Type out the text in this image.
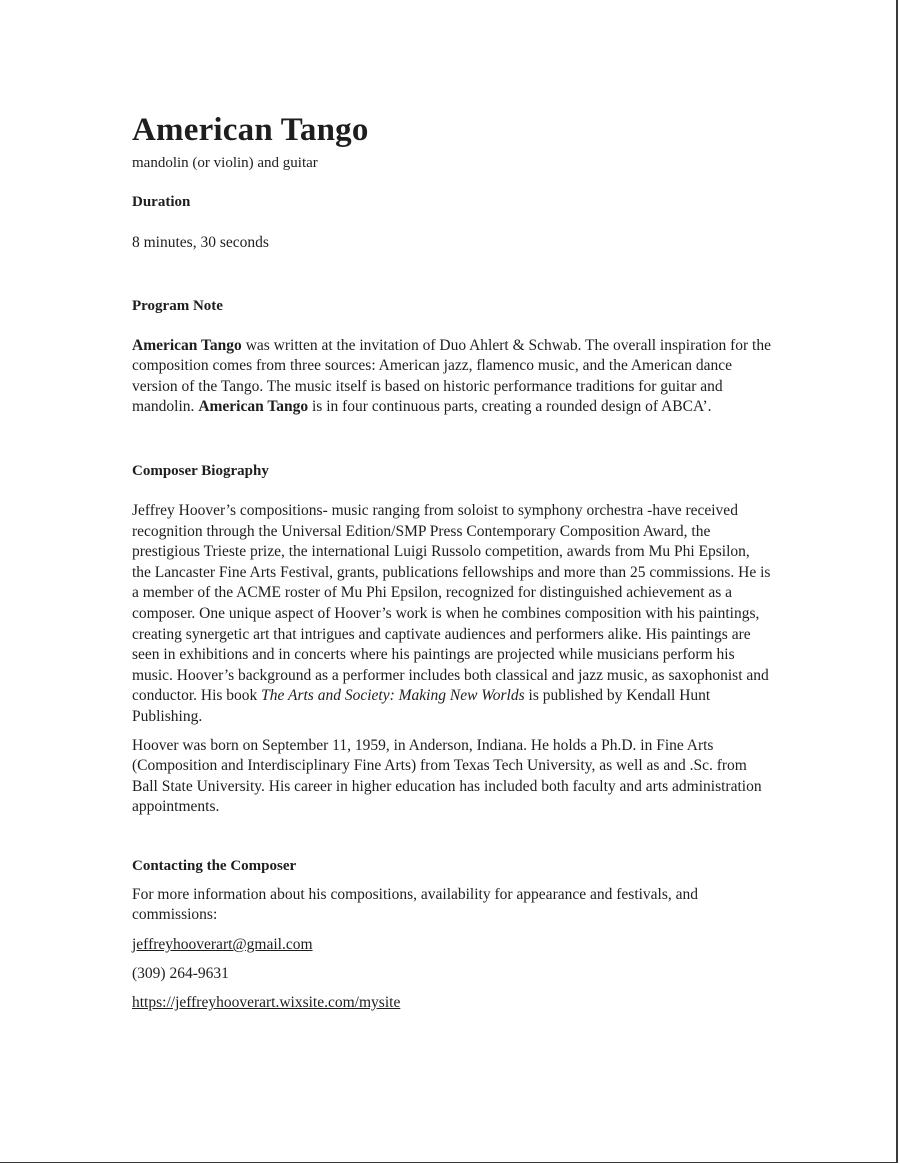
American Tango

mandolin (or violin) and guitar

Duration

8 minutes, 30 seconds

Program Note

American Tango was written at the invitation of Duo Ahlert & Schwab. The overall inspiration for the composition comes from three sources: American jazz, flamenco music, and the American dance version of the Tango. The music itself is based on historic performance traditions for guitar and mandolin. American Tango is in four continuous parts, creating a rounded design of ABCA’.

Composer Biography

Jeffrey Hoover’s compositions- music ranging from soloist to symphony orchestra -have received recognition through the Universal Edition/SMP Press Contemporary Composition Award, the prestigious Trieste prize, the international Luigi Russolo competition, awards from Mu Phi Epsilon, the Lancaster Fine Arts Festival, grants, publications fellowships and more than 25 commissions. He is a member of the ACME roster of Mu Phi Epsilon, recognized for distinguished achievement as a composer. One unique aspect of Hoover’s work is when he combines composition with his paintings, creating synergetic art that intrigues and captivate audiences and performers alike. His paintings are seen in exhibitions and in concerts where his paintings are projected while musicians perform his music. Hoover’s background as a performer includes both classical and jazz music, as saxophonist and conductor. His book The Arts and Society: Making New Worlds is published by Kendall Hunt Publishing.

Hoover was born on September 11, 1959, in Anderson, Indiana. He holds a Ph.D. in Fine Arts (Composition and Interdisciplinary Fine Arts) from Texas Tech University, as well as and .Sc. from Ball State University. His career in higher education has included both faculty and arts administration appointments.

Contacting the Composer

For more information about his compositions, availability for appearance and festivals, and commissions:

jeffreyhooverart@gmail.com
(309) 264-9631
https://jeffreyhooverart.wixsite.com/mysite
